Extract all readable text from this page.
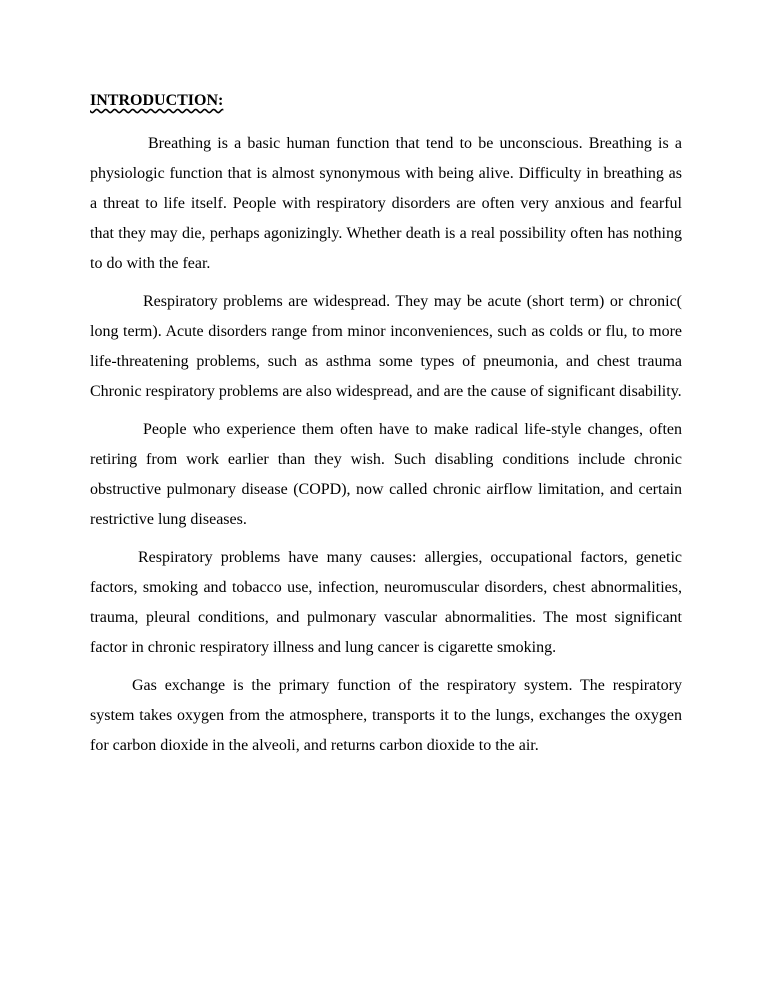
INTRODUCTION:

Breathing is a basic human function that tend to be unconscious. Breathing is a physiologic function that is almost synonymous with being alive. Difficulty in breathing as a threat to life itself. People with respiratory disorders are often very anxious and fearful that they may die, perhaps agonizingly. Whether death is a real possibility often has nothing to do with the fear.

Respiratory problems are widespread. They may be acute (short term) or chronic( long term). Acute disorders range from minor inconveniences, such as colds or flu, to more life-threatening problems, such as asthma some types of pneumonia, and chest trauma Chronic respiratory problems are also widespread, and are the cause of significant disability.

People who experience them often have to make radical life-style changes, often retiring from work earlier than they wish. Such disabling conditions include chronic obstructive pulmonary disease (COPD), now called chronic airflow limitation, and certain restrictive lung diseases.

Respiratory problems have many causes: allergies, occupational factors, genetic factors, smoking and tobacco use, infection, neuromuscular disorders, chest abnormalities, trauma, pleural conditions, and pulmonary vascular abnormalities. The most significant factor in chronic respiratory illness and lung cancer is cigarette smoking.

Gas exchange is the primary function of the respiratory system. The respiratory system takes oxygen from the atmosphere, transports it to the lungs, exchanges the oxygen for carbon dioxide in the alveoli, and returns carbon dioxide to the air.
